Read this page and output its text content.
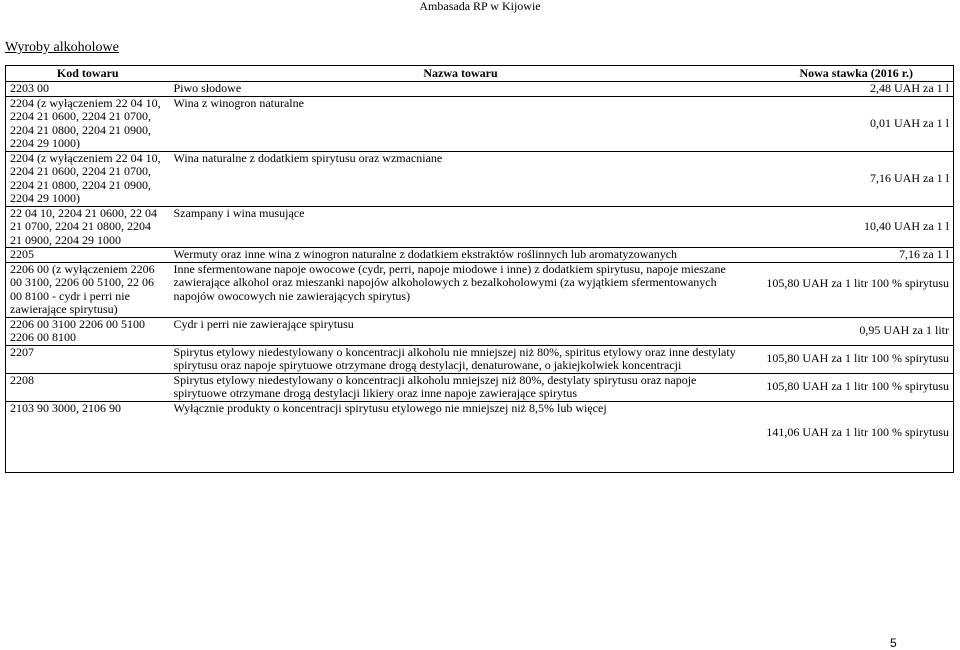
Ambasada RP w Kijowie
Wyroby alkoholowe
Kod towaru	Nazwa towaru	Nowa stawka (2016 r.)
2203 00	Piwo słodowe	2,48 UAH za 1 l
2204 (z wyłączeniem 22 04 10, 2204 21 0600, 2204 21 0700, 2204 21 0800, 2204 21 0900, 2204 29 1000)	Wina z winogron naturalne	0,01 UAH za 1 l
2204 (z wyłączeniem 22 04 10, 2204 21 0600, 2204 21 0700, 2204 21 0800, 2204 21 0900, 2204 29 1000)	Wina naturalne z dodatkiem spirytusu oraz wzmacniane	7,16 UAH za 1 l
22 04 10, 2204 21 0600, 22 04 21 0700, 2204 21 0800, 2204 21 0900, 2204 29 1000	Szampany i wina musujące	10,40 UAH za 1 l
2205	Wermuty oraz inne wina z winogron naturalne z dodatkiem ekstraktów roślinnych lub aromatyzowanych	7,16 za 1 l
2206 00 (z wyłączeniem 2206 00 3100, 2206 00 5100, 22 06 00 8100 - cydr i perri nie zawierające spirytusu)	Inne sfermentowane napoje owocowe (cydr, perri, napoje miodowe i inne) z dodatkiem spirytusu, napoje mieszane zawierające alkohol oraz mieszanki napojów alkoholowych z bezalkoholowymi (za wyjątkiem sfermentowanych napojów owocowych nie zawierających spirytus)	105,80 UAH za 1 litr 100 % spirytusu
2206 00 3100 2206 00 5100 2206 00 8100	Cydr i perri nie zawierające spirytusu	0,95 UAH za 1 litr
2207	Spirytus etylowy niedestylowany o koncentracji alkoholu nie mniejszej niż 80%, spiritus etylowy oraz inne destylaty spirytusu oraz napoje spirytuowe otrzymane drogą destylacji, denaturowane, o jakiejkolwiek koncentracji	105,80 UAH za 1 litr 100 % spirytusu
2208	Spirytus etylowy niedestylowany o koncentracji alkoholu mniejszej niż 80%, destylaty spirytusu oraz napoje spirytuowe otrzymane drogą destylacji likiery oraz inne napoje zawierające spirytus	105,80 UAH za 1 litr 100 % spirytusu
2103 90 3000, 2106 90	Wyłącznie produkty o koncentracji spirytusu etylowego nie mniejszej niż 8,5% lub więcej	141,06 UAH za 1 litr 100 % spirytusu
5
